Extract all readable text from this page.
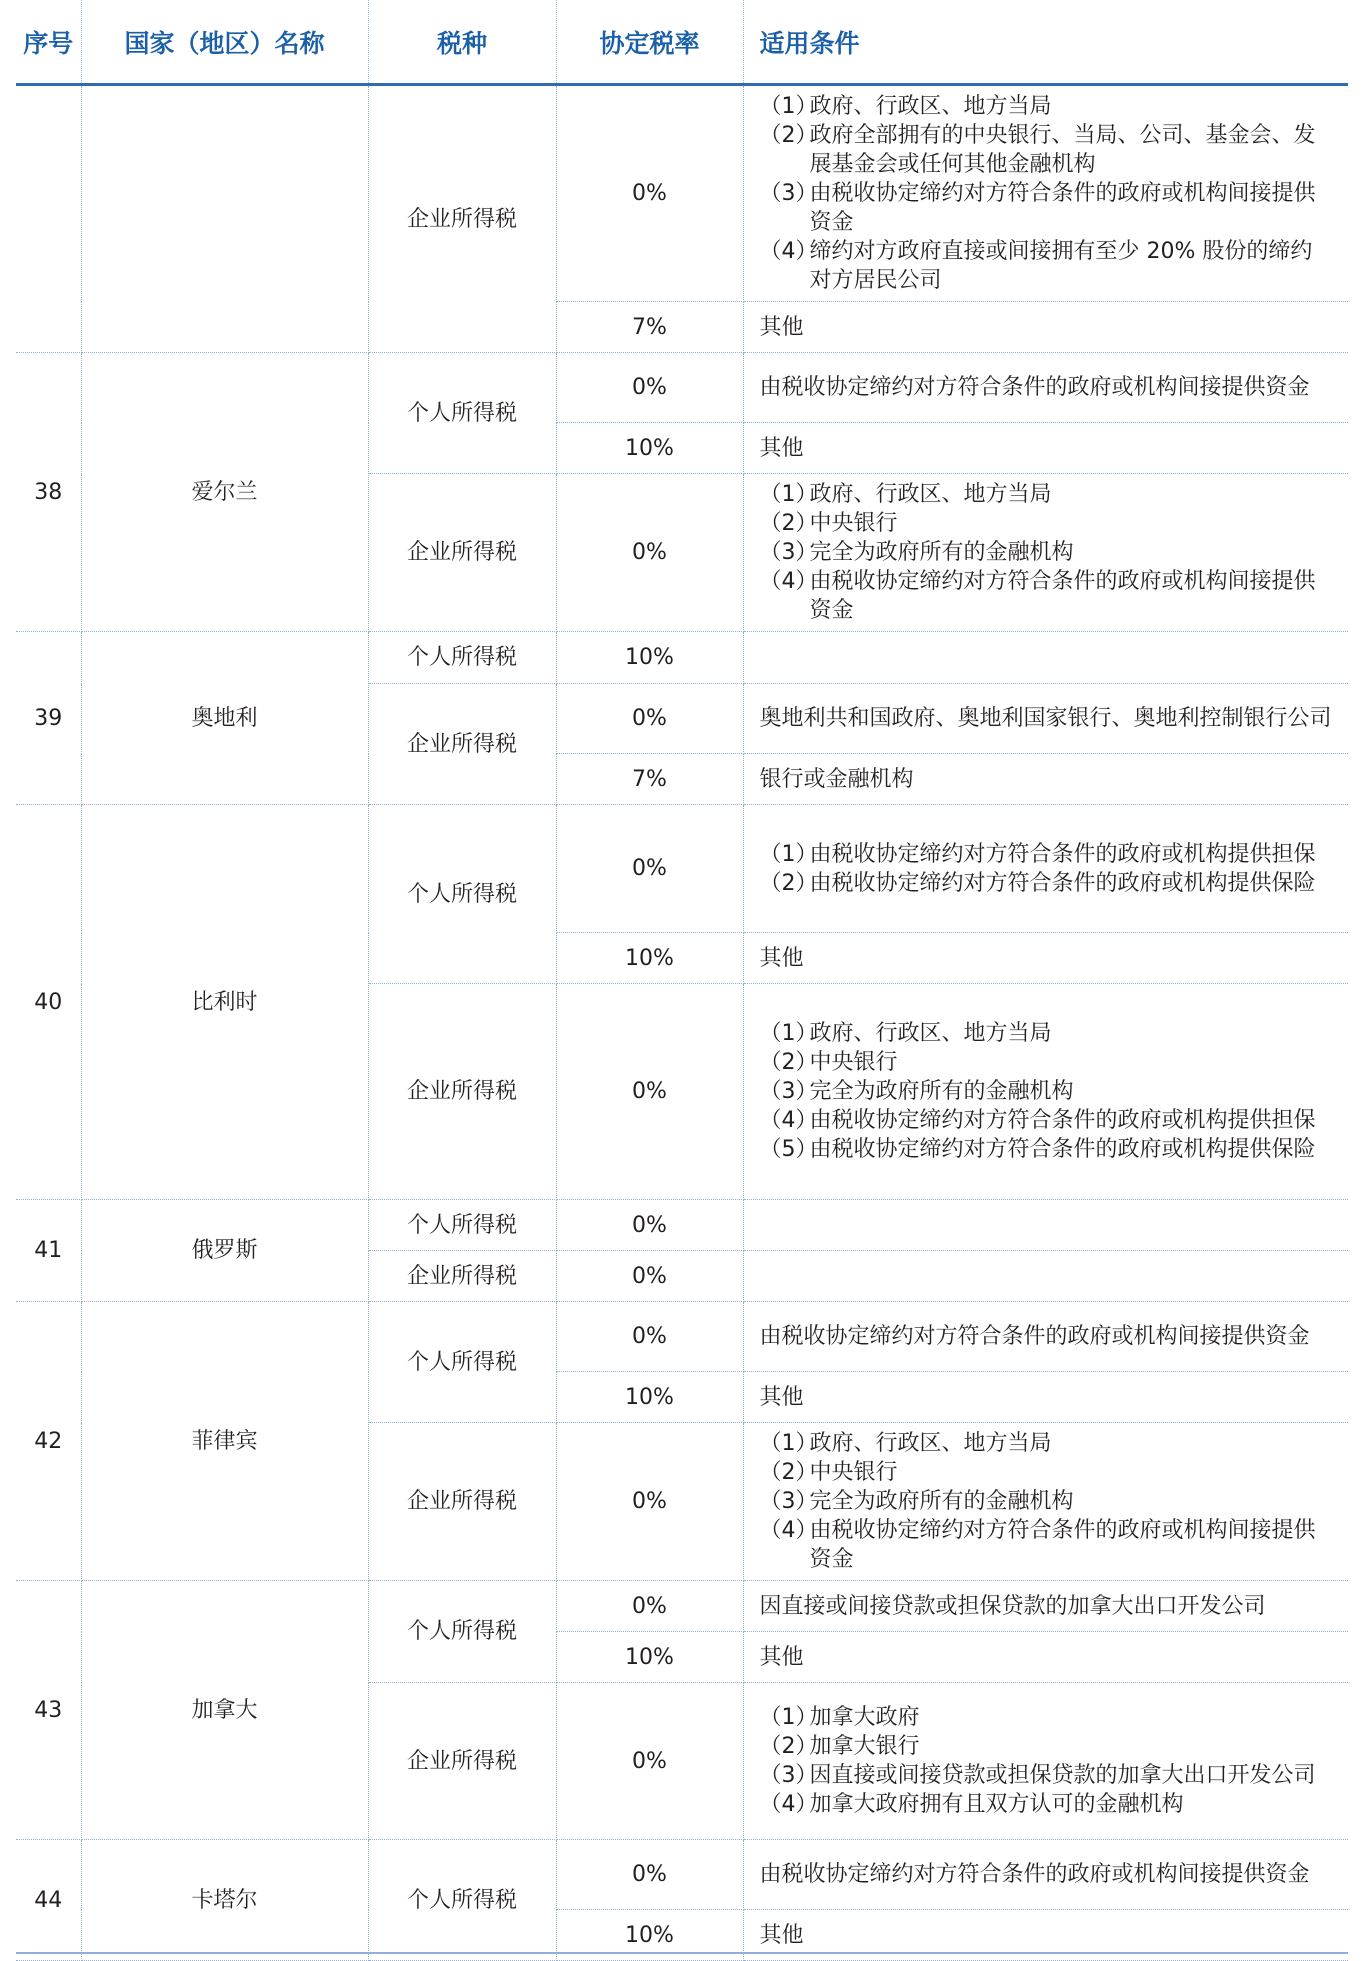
序号	国家（地区）名称	税种	协定税率	适用条件
		企业所得税	0%	（1）政府、行政区、地方当局
（2）政府全部拥有的中央银行、当局、公司、基金会、发展基金会或任何其他金融机构
（3）由税收协定缔约对方符合条件的政府或机构间接提供资金
（4）缔约对方政府直接或间接拥有至少 20% 股份的缔约对方居民公司

			7%	其他
38	爱尔兰	个人所得税	0%	由税收协定缔约对方符合条件的政府或机构间接提供资金
			10%	其他
		企业所得税	0%	（1）政府、行政区、地方当局
（2）中央银行
（3）完全为政府所有的金融机构
（4）由税收协定缔约对方符合条件的政府或机构间接提供资金

39	奥地利	个人所得税	10%	
		企业所得税	0%	奥地利共和国政府、奥地利国家银行、奥地利控制银行公司
			7%	银行或金融机构
40	比利时	个人所得税	0%	（1）由税收协定缔约对方符合条件的政府或机构提供担保
（2）由税收协定缔约对方符合条件的政府或机构提供保险

			10%	其他
		企业所得税	0%	（1）政府、行政区、地方当局
（2）中央银行
（3）完全为政府所有的金融机构
（4）由税收协定缔约对方符合条件的政府或机构提供担保
（5）由税收协定缔约对方符合条件的政府或机构提供保险

41	俄罗斯	个人所得税	0%	
		企业所得税	0%	
42	菲律宾	个人所得税	0%	由税收协定缔约对方符合条件的政府或机构间接提供资金
			10%	其他
		企业所得税	0%	（1）政府、行政区、地方当局
（2）中央银行
（3）完全为政府所有的金融机构
（4）由税收协定缔约对方符合条件的政府或机构间接提供资金

43	加拿大	个人所得税	0%	因直接或间接贷款或担保贷款的加拿大出口开发公司
			10%	其他
		企业所得税	0%	（1）加拿大政府
（2）加拿大银行
（3）因直接或间接贷款或担保贷款的加拿大出口开发公司
（4）加拿大政府拥有且双方认可的金融机构

44	卡塔尔	个人所得税	0%	由税收协定缔约对方符合条件的政府或机构间接提供资金
			10%	其他
